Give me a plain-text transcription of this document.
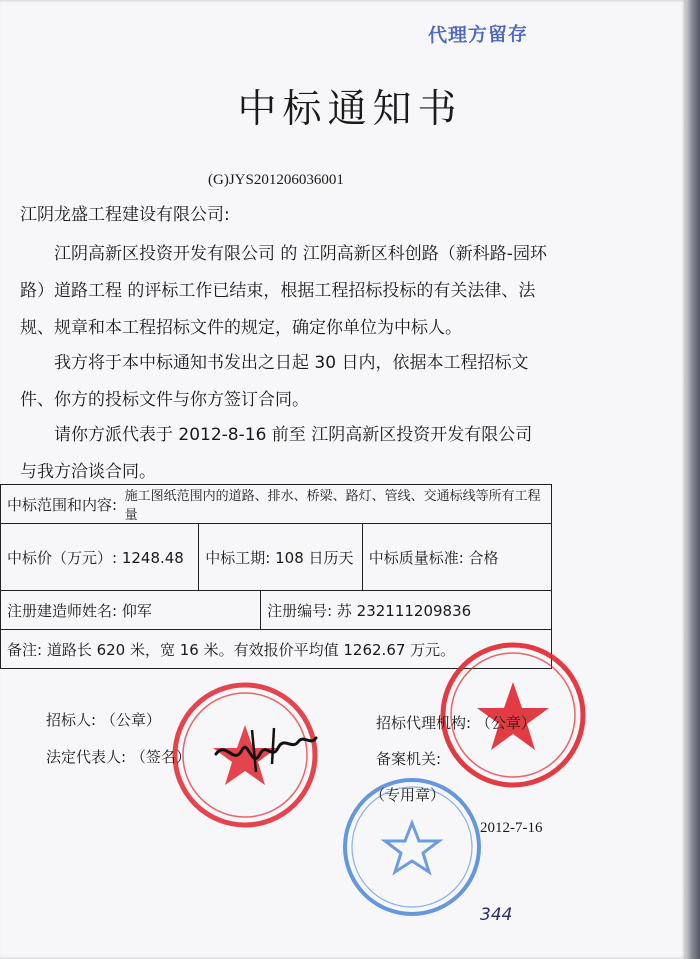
代理方留存
中标通知书
(G)JYS201206036001
江阴龙盛工程建设有限公司:
江阴高新区投资开发有限公司 的 江阴高新区科创路（新科路-园环路）道路工程 的评标工作已结束，根据工程招标投标的有关法律、法规、规章和本工程招标文件的规定，确定你单位为中标人。
我方将于本中标通知书发出之日起 30 日内，依据本工程招标文件、你方的投标文件与你方签订合同。
请你方派代表于 2012-8-16 前至 江阴高新区投资开发有限公司 与我方洽谈合同。
中标范围和内容: 施工图纸范围内的道路、排水、桥梁、路灯、管线、交通标线等所有工程量
中标价（万元）: 1248.48	中标工期: 108 日历天	中标质量标准: 合格
注册建造师姓名: 仰军	注册编号: 苏 232111209836
备注: 道路长 620 米，宽 16 米。有效报价平均值 1262.67 万元。
招标人: （公章）
法定代表人: （签名）
招标代理机构: （公章）
备案机关:
（专用章）
2012-7-16
344
